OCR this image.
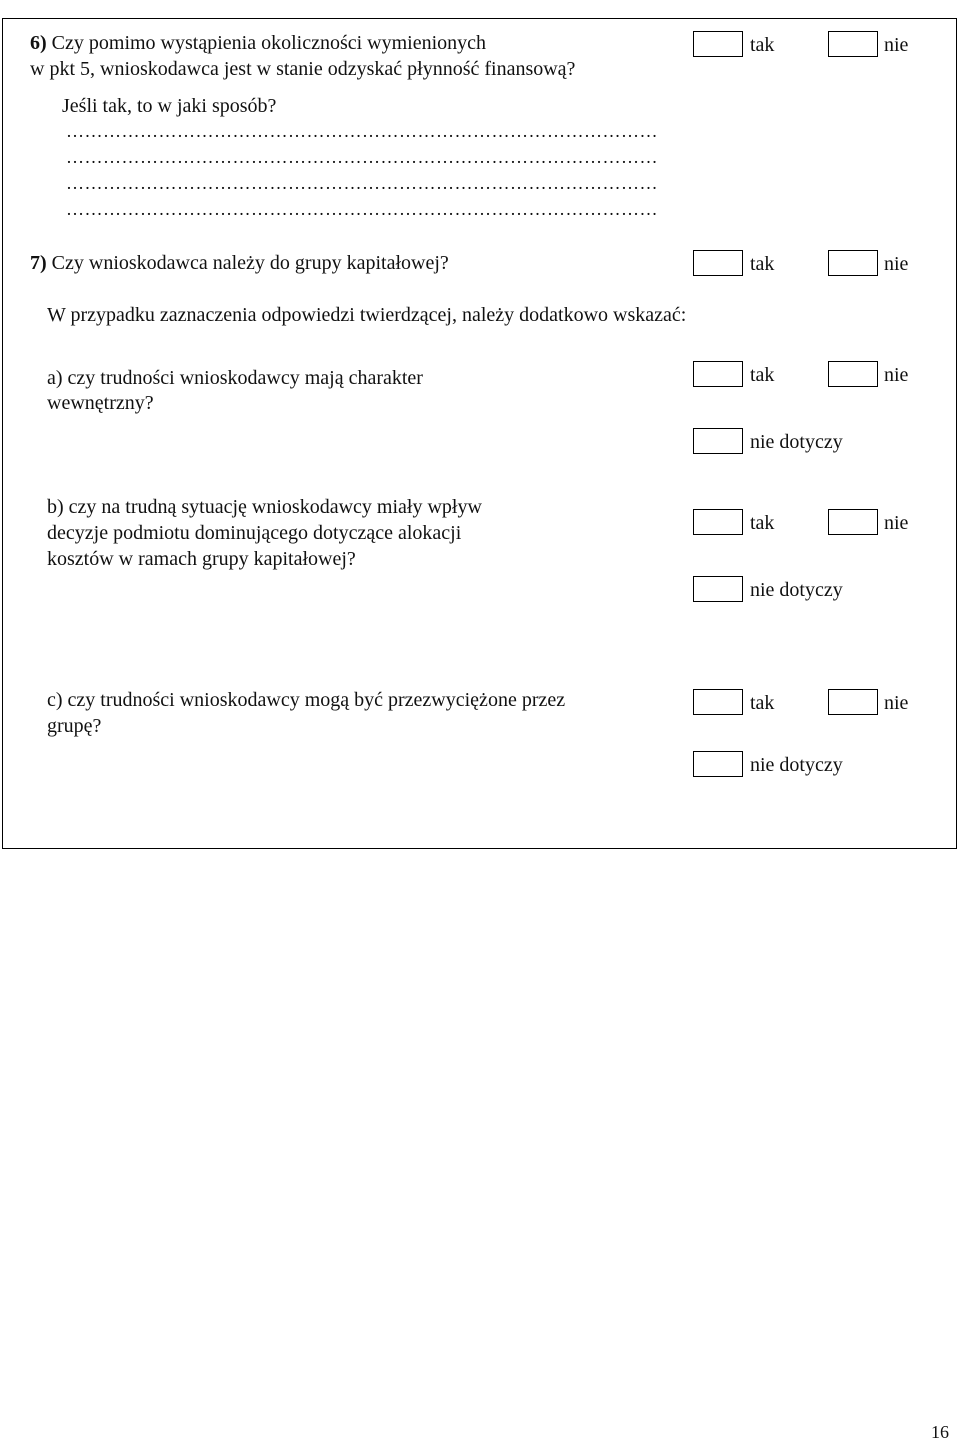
6) Czy pomimo wystąpienia okoliczności wymienionych
w pkt 5, wnioskodawca jest w stanie odzyskać płynność finansową?
tak	nie
Jeśli tak, to w jaki sposób?
……………………………………………………………………………………
……………………………………………………………………………………
……………………………………………………………………………………
……………………………………………………………………………………
7) Czy wnioskodawca należy do grupy kapitałowej?	tak	nie
W przypadku zaznaczenia odpowiedzi twierdzącej, należy dodatkowo wskazać:
a) czy trudności wnioskodawcy mają charakter
wewnętrzny?
tak	nie
nie dotyczy
b) czy na trudną sytuację wnioskodawcy miały wpływ
decyzje podmiotu dominującego dotyczące alokacji
kosztów w ramach grupy kapitałowej?
tak	nie
nie dotyczy
c) czy trudności wnioskodawcy mogą być przezwyciężone przez
grupę?
tak	nie
nie dotyczy
16
